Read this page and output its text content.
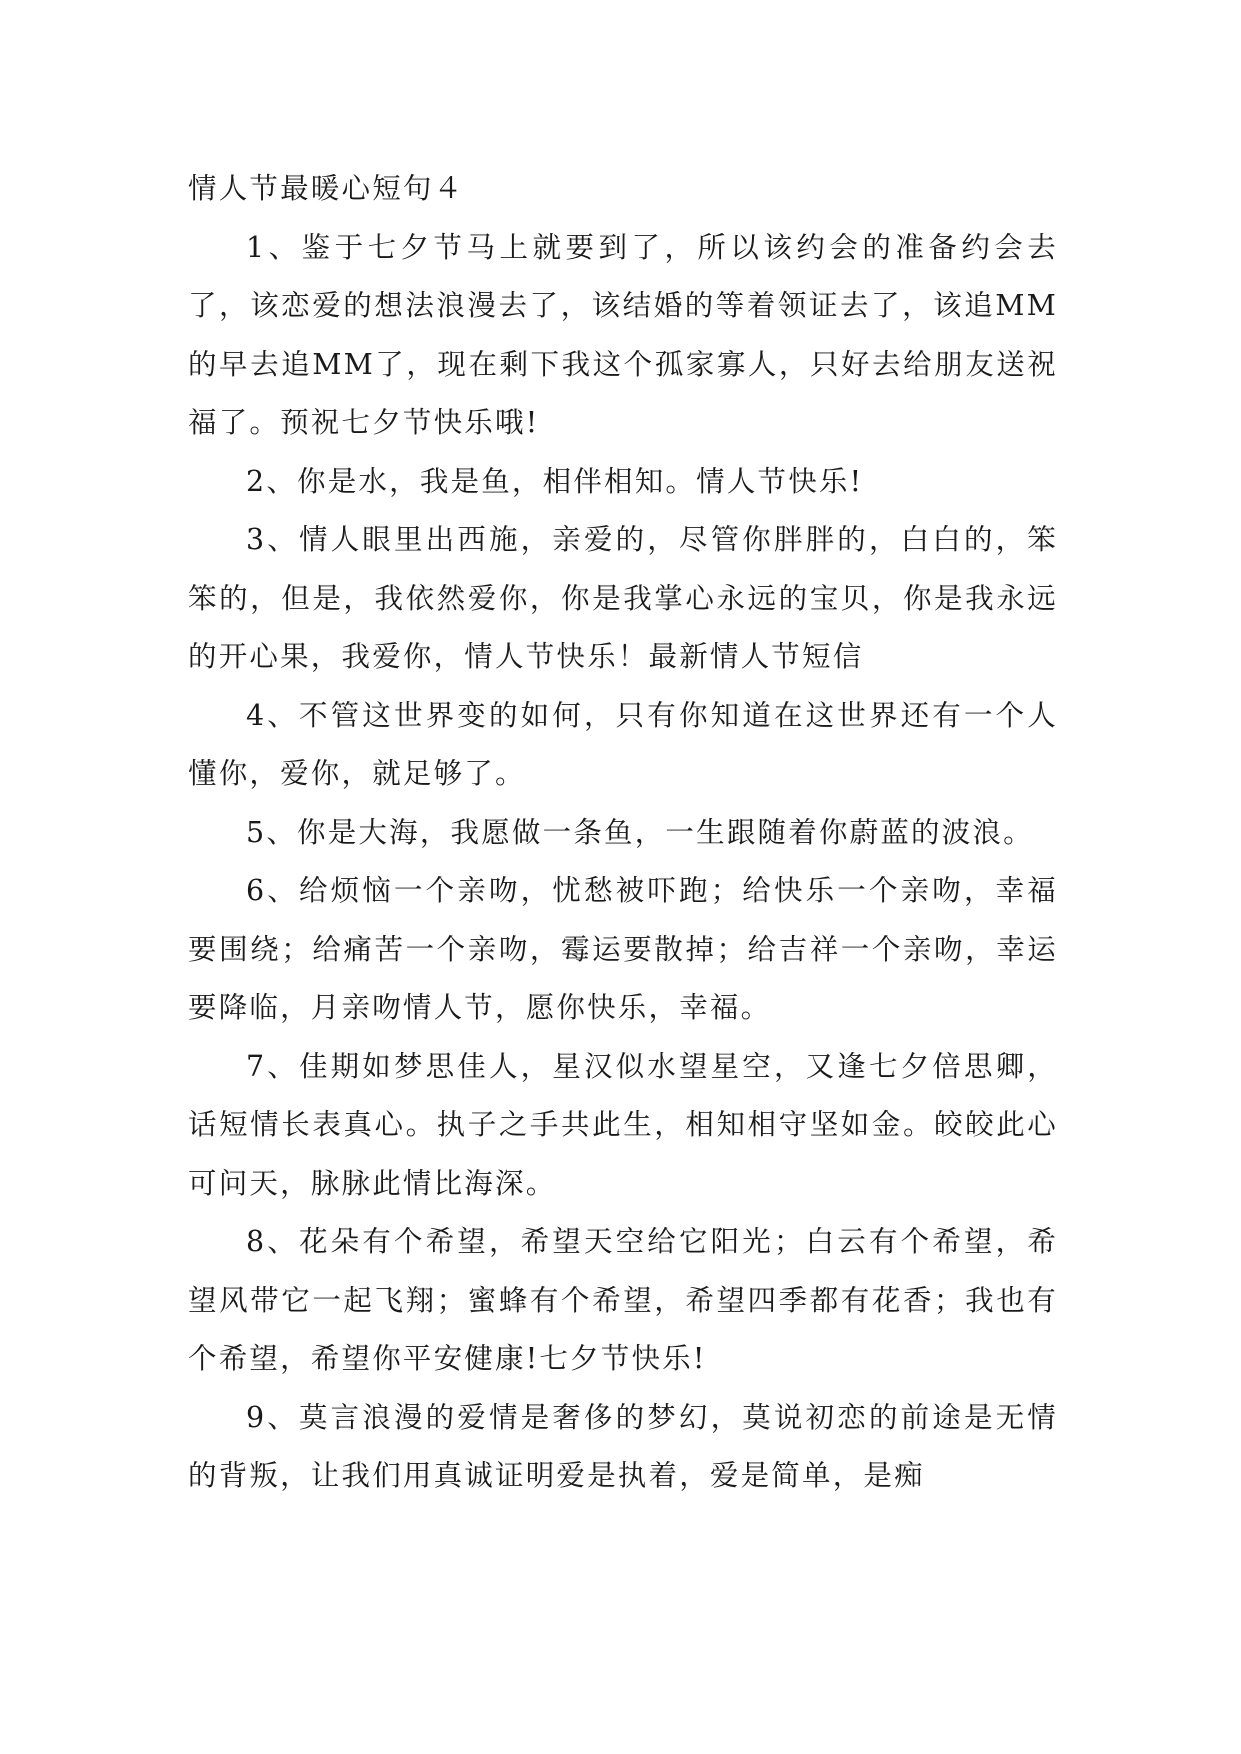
情人节最暖心短句４

1、鉴于七夕节马上就要到了，所以该约会的准备约会去了，该恋爱的想法浪漫去了，该结婚的等着领证去了，该追MM的早去追MM了，现在剩下我这个孤家寡人，只好去给朋友送祝福了。预祝七夕节快乐哦!

2、你是水，我是鱼，相伴相知。情人节快乐!

3、情人眼里出西施，亲爱的，尽管你胖胖的，白白的，笨笨的，但是，我依然爱你，你是我掌心永远的宝贝，你是我永远的开心果，我爱你，情人节快乐！最新情人节短信

4、不管这世界变的如何，只有你知道在这世界还有一个人懂你，爱你，就足够了。

5、你是大海，我愿做一条鱼，一生跟随着你蔚蓝的波浪。

6、给烦恼一个亲吻，忧愁被吓跑；给快乐一个亲吻，幸福要围绕；给痛苦一个亲吻，霉运要散掉；给吉祥一个亲吻，幸运要降临，月亲吻情人节，愿你快乐，幸福。

7、佳期如梦思佳人，星汉似水望星空，又逢七夕倍思卿，话短情长表真心。执子之手共此生，相知相守坚如金。皎皎此心可问天，脉脉此情比海深。

8、花朵有个希望，希望天空给它阳光；白云有个希望，希望风带它一起飞翔；蜜蜂有个希望，希望四季都有花香；我也有个希望，希望你平安健康!七夕节快乐!

9、莫言浪漫的爱情是奢侈的梦幻，莫说初恋的前途是无情的背叛，让我们用真诚证明爱是执着，爱是简单，是痴
